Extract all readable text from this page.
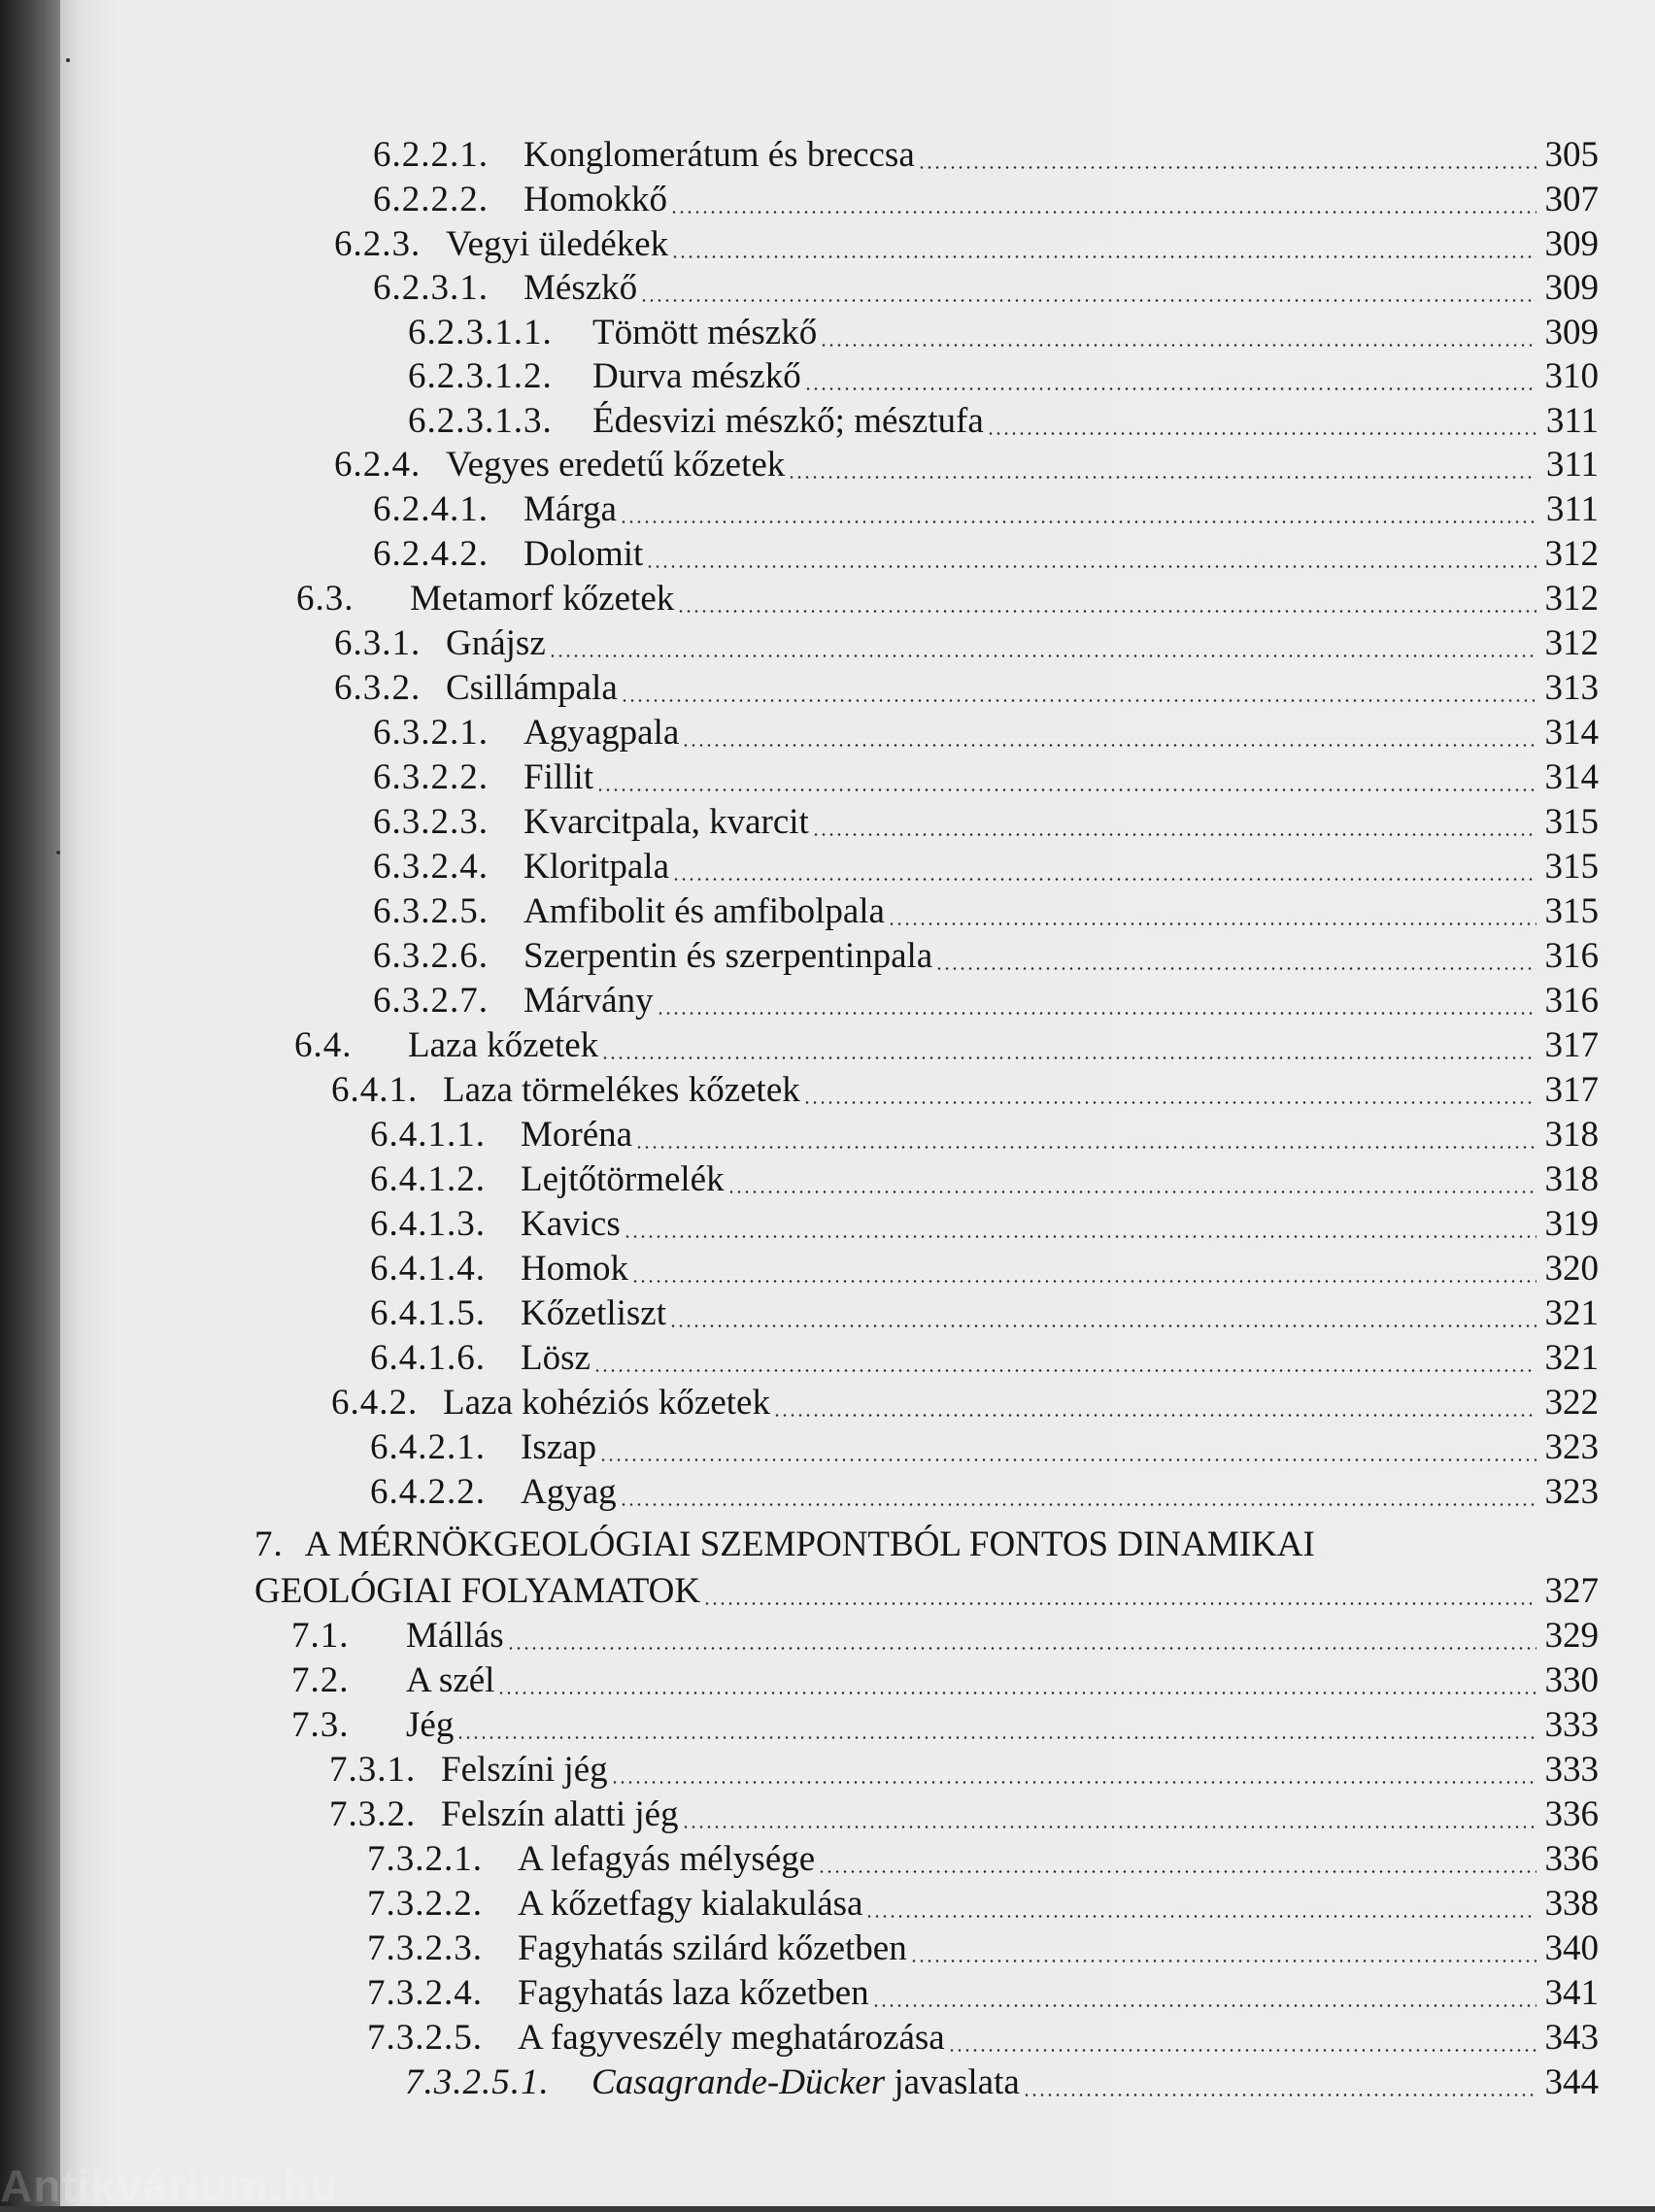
6.2.2.1. Konglomerátum és breccsa	305
6.2.2.2. Homokkő	307
6.2.3. Vegyi üledékek	309
6.2.3.1. Mészkő	309
6.2.3.1.1.	Tömött mészkő	309
6.2.3.1.2.	Durva mészkő	310
6.2.3.1.3.	Édesvizi mészkő; mésztufa	311
6.2.4. Vegyes eredetű kőzetek	311
6.2.4.1. Márga	311
6.2.4.2. Dolomit	312
6.3.	Metamorf kőzetek	312
6.3.1. Gnájsz	312
6.3.2. Csillámpala	313
6.3.2.1. Agyagpala	314
6.3.2.2. Fillit	314
6.3.2.3. Kvarcitpala, kvarcit	315
6.3.2.4. Kloritpala	315
6.3.2.5. Amfibolit és amfibolpala	315
6.3.2.6. Szerpentin és szerpentinpala	316
6.3.2.7. Márvány	316
6.4.	Laza kőzetek	317
6.4.1. Laza törmelékes kőzetek	317
6.4.1.1. Moréna	318
6.4.1.2. Lejtőtörmelék	318
6.4.1.3. Kavics	319
6.4.1.4. Homok	320
6.4.1.5. Kőzetliszt	321
6.4.1.6. Lösz	321
6.4.2. Laza kohéziós kőzetek	322
6.4.2.1. Iszap	323
6.4.2.2. Agyag	323
7. A MÉRNÖKGEOLÓGIAI SZEMPONTBÓL FONTOS DINAMIKAI
GEOLÓGIAI FOLYAMATOK	327
7.1.	Mállás	329
7.2.	A szél	330
7.3.	Jég	333
7.3.1. Felszíni jég	333
7.3.2. Felszín alatti jég	336
7.3.2.1. A lefagyás mélysége	336
7.3.2.2. A kőzetfagy kialakulása	338
7.3.2.3. Fagyhatás szilárd kőzetben	340
7.3.2.4. Fagyhatás laza kőzetben	341
7.3.2.5. A fagyveszély meghatározása	343
7.3.2.5.1.	Casagrande-Dücker javaslata	344
Antikvárium.hu
